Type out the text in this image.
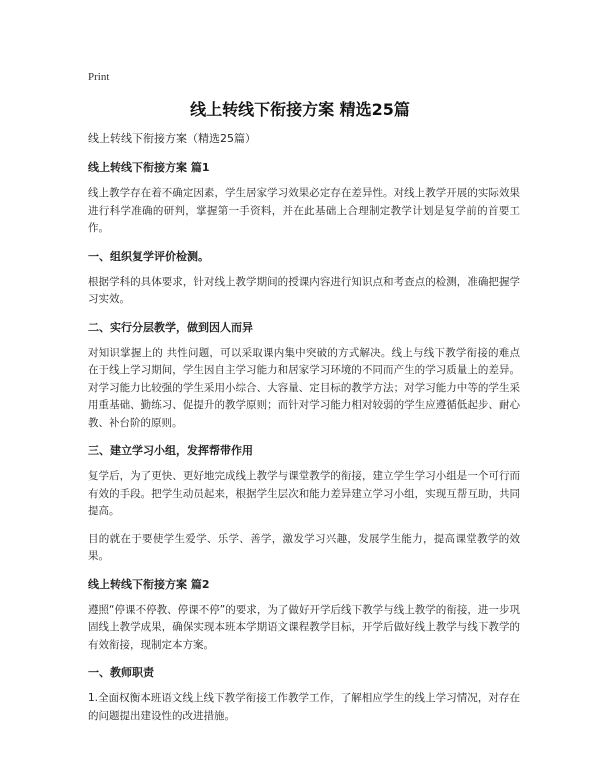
Print
线上转线下衔接方案 精选25篇

线上转线下衔接方案（精选25篇）

线上转线下衔接方案 篇1

线上教学存在着不确定因素，学生居家学习效果必定存在差异性。对线上教学开展的实际效果进行科学准确的研判，掌握第一手资料，并在此基础上合理制定教学计划是复学前的首要工作。

一、组织复学评价检测。

根据学科的具体要求，针对线上教学期间的授课内容进行知识点和考查点的检测，准确把握学习实效。

二、实行分层教学，做到因人而异

对知识掌握上的 共性问题，可以采取课内集中突破的方式解决。线上与线下教学衔接的难点在于线上学习期间，学生因自主学习能力和居家学习环境的不同而产生的学习质量上的差异。对学习能力比较强的学生采用小综合、大容量、定目标的教学方法；对学习能力中等的学生采用重基础、勤练习、促提升的教学原则；而针对学习能力相对较弱的学生应遵循低起步、耐心教、补台阶的原则。

三、建立学习小组，发挥帮带作用

复学后，为了更快、更好地完成线上教学与课堂教学的衔接，建立学生学习小组是一个可行而有效的手段。把学生动员起来，根据学生层次和能力差异建立学习小组，实现互帮互助，共同提高。

目的就在于要使学生爱学、乐学、善学，激发学习兴趣，发展学生能力，提高课堂教学的效果。

线上转线下衔接方案 篇2

遵照“停课不停教、停课不停”的要求，为了做好开学后线下教学与线上教学的衔接，进一步巩固线上教学成果，确保实现本班本学期语文课程教学目标，开学后做好线上教学与线下教学的有效衔接，现制定本方案。

一、教师职责

1.全面权衡本班语文线上线下教学衔接工作教学工作，了解相应学生的线上学习情况，对存在的问题提出建设性的改进措施。
